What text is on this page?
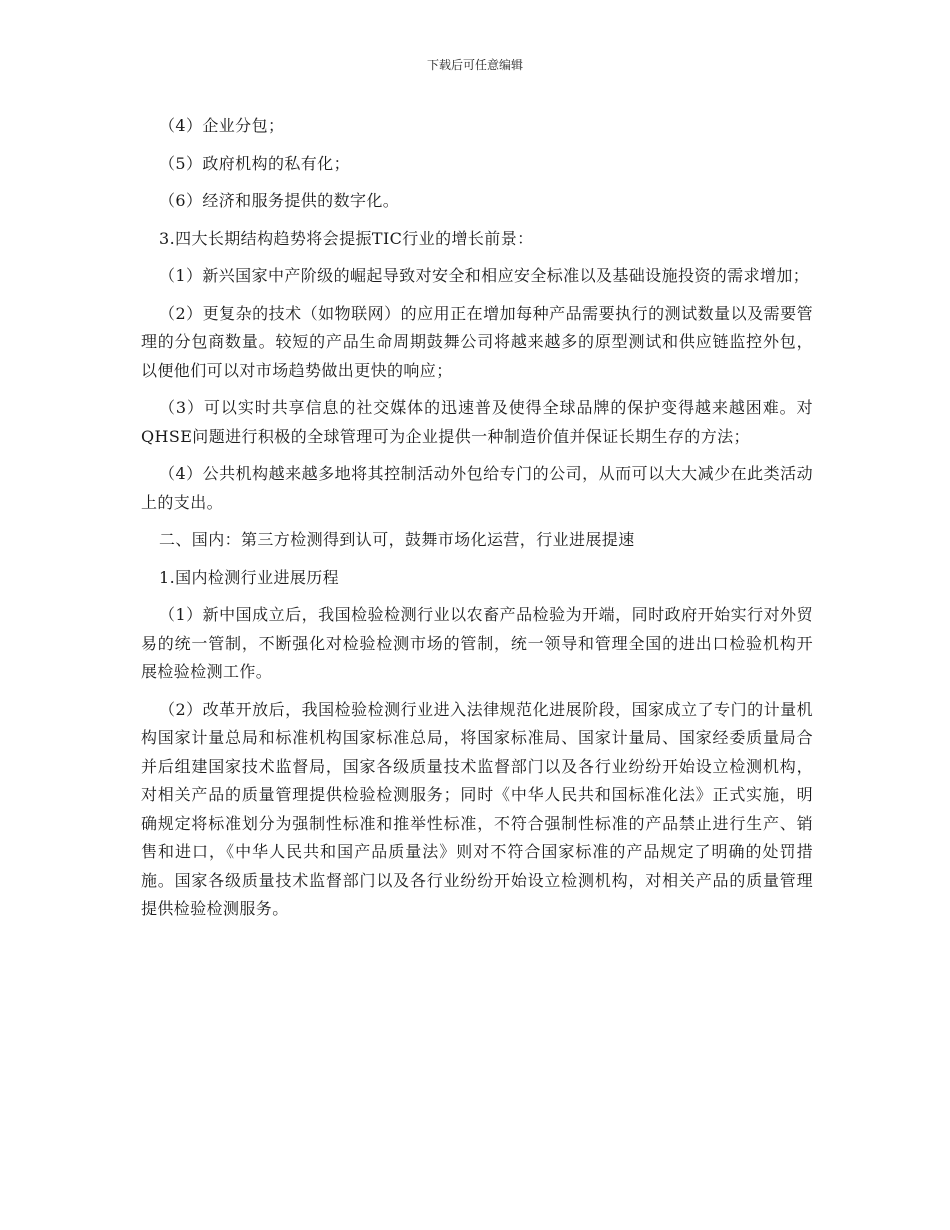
下载后可任意编辑

（4）企业分包；

（5）政府机构的私有化；

（6）经济和服务提供的数字化。

3.四大长期结构趋势将会提振TIC行业的增长前景：

（1）新兴国家中产阶级的崛起导致对安全和相应安全标准以及基础设施投资的需求增加；

（2）更复杂的技术（如物联网）的应用正在增加每种产品需要执行的测试数量以及需要管理的分包商数量。较短的产品生命周期鼓舞公司将越来越多的原型测试和供应链监控外包，以便他们可以对市场趋势做出更快的响应；

（3）可以实时共享信息的社交媒体的迅速普及使得全球品牌的保护变得越来越困难。对QHSE问题进行积极的全球管理可为企业提供一种制造价值并保证长期生存的方法；

（4）公共机构越来越多地将其控制活动外包给专门的公司，从而可以大大减少在此类活动上的支出。

二、国内：第三方检测得到认可，鼓舞市场化运营，行业进展提速

1.国内检测行业进展历程

（1）新中国成立后，我国检验检测行业以农畜产品检验为开端，同时政府开始实行对外贸易的统一管制，不断强化对检验检测市场的管制，统一领导和管理全国的进出口检验机构开展检验检测工作。

（2）改革开放后，我国检验检测行业进入法律规范化进展阶段，国家成立了专门的计量机构国家计量总局和标准机构国家标准总局，将国家标准局、国家计量局、国家经委质量局合并后组建国家技术监督局，国家各级质量技术监督部门以及各行业纷纷开始设立检测机构，对相关产品的质量管理提供检验检测服务；同时《中华人民共和国标准化法》正式实施，明确规定将标准划分为强制性标准和推举性标准，不符合强制性标准的产品禁止进行生产、销售和进口，《中华人民共和国产品质量法》则对不符合国家标准的产品规定了明确的处罚措施。国家各级质量技术监督部门以及各行业纷纷开始设立检测机构，对相关产品的质量管理提供检验检测服务。
